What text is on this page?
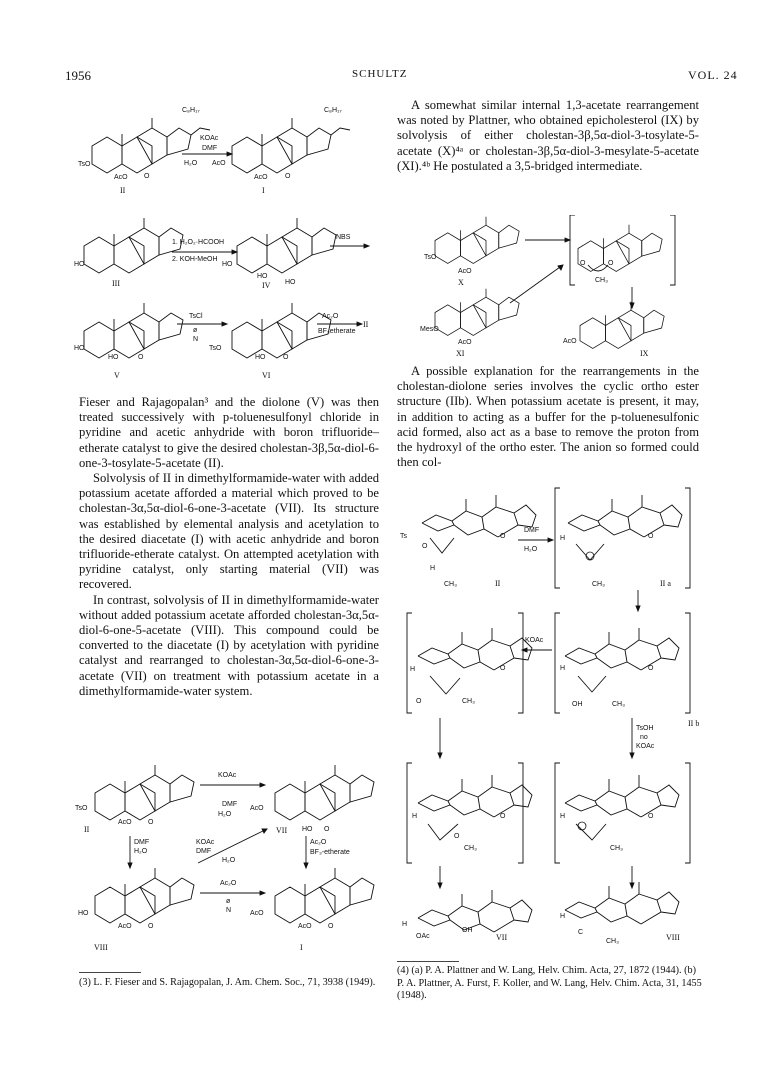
1956	SCHULTZ	VOL. 24
C₈H₁₇
TsO
AcO O
KOAc
DMF
H₂O
C₈H₁₇
AcO
AcO O
II	I
HO
1. H₂O₂·HCOOH
2. KOH-MeOH
III
HO
HO
HO
IV
NBS
HO
HO	O
V
TsCl
ø
N
TsO
HO	O
VI
Ac₂O
BF₃etherate
II

A somewhat similar internal 1,3-acetate rearrangement was noted by Plattner, who obtained epicholesterol (IX) by solvolysis of either cholestan-3β,5α-diol-3-tosylate-5-acetate (X)⁴ᵃ or cholestan-3β,5α-diol-3-mesylate-5-acetate (XI).⁴ᵇ He postulated a 3,5-bridged intermediate.

TsO
AcO
X
O	O
CH₃
MesO
AcO
XI
AcO
IX

A possible explanation for the rearrangements in the cholestan-diolone series involves the cyclic ortho ester structure (IIb). When potassium acetate is present, it may, in addition to acting as a buffer for the p-toluenesulfonic acid formed, also act as a base to remove the proton from the hydroxyl of the ortho ester. The anion so formed could then col-

Fieser and Rajagopalan³ and the diolone (V) was then treated successively with p-toluenesulfonyl chloride in pyridine and acetic anhydride with boron trifluoride–etherate catalyst to give the desired cholestan-3β,5α-diol-6-one-3-tosylate-5-acetate (II).

Solvolysis of II in dimethylformamide-water with added potassium acetate afforded a material which proved to be cholestan-3α,5α-diol-6-one-3-acetate (VII). Its structure was established by elemental analysis and acetylation to the desired diacetate (I) with acetic anhydride and boron trifluoride-etherate catalyst. On attempted acetylation with pyridine catalyst, only starting material (VII) was recovered.

In contrast, solvolysis of II in dimethylformamide-water without added potassium acetate afforded cholestan-3α,5α-diol-6-one-5-acetate (VIII). This compound could be converted to the diacetate (I) by acetylation with pyridine catalyst and rearranged to cholestan-3α,5α-diol-6-one-3-acetate (VII) on treatment with potassium acetate in a dimethylformamide-water system.

Ts	O
O
H
CH₃	II
DMF
H₂O
H	O
CH₃	II a
H	O
O	CH₃
KOAc
H	O
OH	CH₃
II b
TsOH
no
KOAc
H	O
O
CH₃
H	O
CH₃
H
OAc
OH
VII
H
C
CH₃	VIII
TsO
AcO O
II
KOAc
DMF
H₂O
AcO
HO O
VII
DMF
H₂O
KOAc
DMF
H₂O
Ac₂O
BF₃-etherate
HO
AcO O
VIII
Ac₂O
ø
N	AcO
AcO O
I
(3) L. F. Fieser and S. Rajagopalan, J. Am. Chem. Soc., 71, 3938 (1949).
(4) (a) P. A. Plattner and W. Lang, Helv. Chim. Acta, 27, 1872 (1944). (b) P. A. Plattner, A. Furst, F. Koller, and W. Lang, Helv. Chim. Acta, 31, 1455 (1948).
